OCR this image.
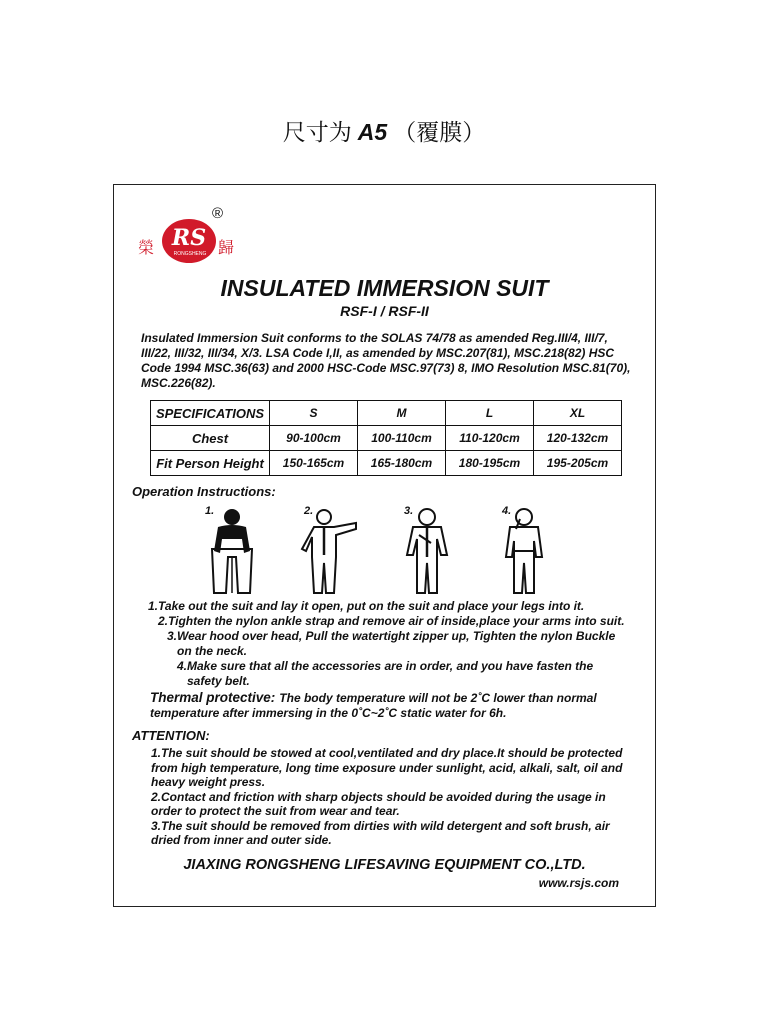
尺寸为 A5 （覆膜）
榮 RS
RONGSHENG 歸
®
INSULATED IMMERSION SUIT
RSF-I / RSF-II
Insulated Immersion Suit conforms to the SOLAS 74/78 as amended Reg.III/4, III/7,
III/22, III/32, III/34, X/3. LSA Code I,II, as amended by MSC.207(81), MSC.218(82) HSC
Code 1994 MSC.36(63) and 2000 HSC-Code MSC.97(73) 8, IMO Resolution MSC.81(70),
MSC.226(82).
SPECIFICATIONS	S	M	L	XL
Chest	90-100cm	100-110cm	110-120cm	120-132cm
Fit Person Height	150-165cm	165-180cm	180-195cm	195-205cm
Operation Instructions:
1.	2.	3.	4.
1.Take out the suit and lay it open, put on the suit and place your legs into it.
2.Tighten the nylon ankle strap and remove air of inside,place your arms into suit.
3.Wear hood over head, Pull the watertight zipper up, Tighten the nylon Buckle
on the neck.
4.Make sure that all the accessories are in order, and you have fasten the
safety belt.
Thermal protective: The body temperature will not be 2˚C lower than normal
temperature after immersing in the 0˚C~2˚C static water for 6h.
ATTENTION:
1.The suit should be stowed at cool,ventilated and dry place.It should be protected
from high temperature, long time exposure under sunlight, acid, alkali, salt, oil and
heavy weight press.
2.Contact and friction with sharp objects should be avoided during the usage in
order to protect the suit from wear and tear.
3.The suit should be removed from dirties with wild detergent and soft brush, air
dried from inner and outer side.
JIAXING RONGSHENG LIFESAVING EQUIPMENT CO.,LTD.
www.rsjs.com
